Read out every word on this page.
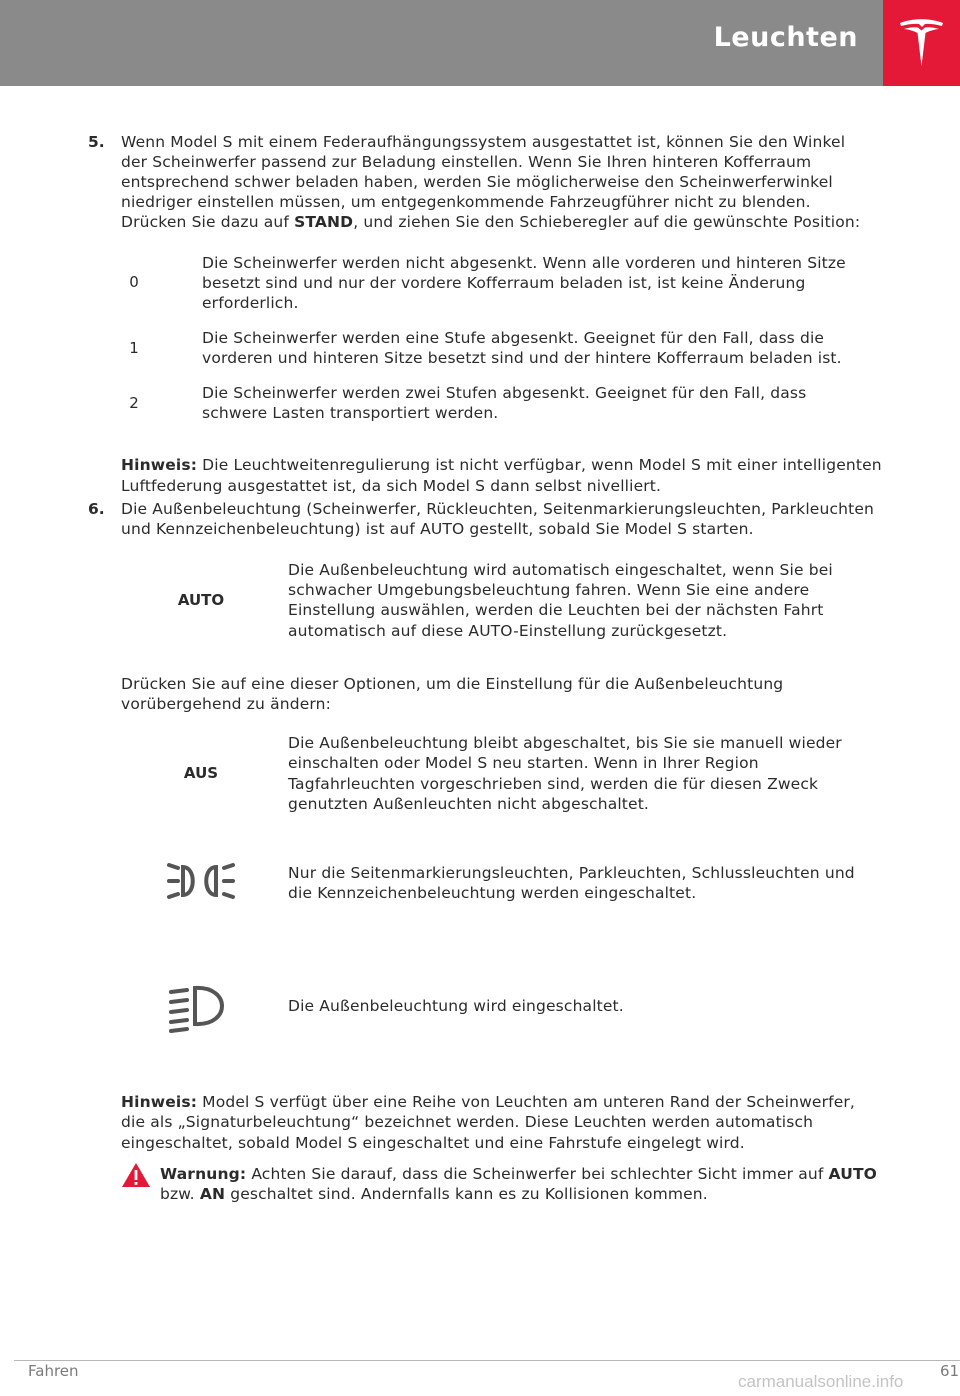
Leuchten
5. Wenn Model S mit einem Federaufhängungssystem ausgestattet ist, können Sie den Winkel
der Scheinwerfer passend zur Beladung einstellen. Wenn Sie Ihren hinteren Kofferraum
entsprechend schwer beladen haben, werden Sie möglicherweise den Scheinwerferwinkel
niedriger einstellen müssen, um entgegenkommende Fahrzeugführer nicht zu blenden.
Drücken Sie dazu auf STAND, und ziehen Sie den Schieberegler auf die gewünschte Position:
0
Die Scheinwerfer werden nicht abgesenkt. Wenn alle vorderen und hinteren Sitze
besetzt sind und nur der vordere Kofferraum beladen ist, ist keine Änderung
erforderlich.
1
Die Scheinwerfer werden eine Stufe abgesenkt. Geeignet für den Fall, dass die
vorderen und hinteren Sitze besetzt sind und der hintere Kofferraum beladen ist.
2
Die Scheinwerfer werden zwei Stufen abgesenkt. Geeignet für den Fall, dass
schwere Lasten transportiert werden.
Hinweis: Die Leuchtweitenregulierung ist nicht verfügbar, wenn Model S mit einer intelligenten
Luftfederung ausgestattet ist, da sich Model S dann selbst nivelliert.
6. Die Außenbeleuchtung (Scheinwerfer, Rückleuchten, Seitenmarkierungsleuchten, Parkleuchten
und Kennzeichenbeleuchtung) ist auf AUTO gestellt, sobald Sie Model S starten.
AUTO
Die Außenbeleuchtung wird automatisch eingeschaltet, wenn Sie bei
schwacher Umgebungsbeleuchtung fahren. Wenn Sie eine andere
Einstellung auswählen, werden die Leuchten bei der nächsten Fahrt
automatisch auf diese AUTO-Einstellung zurückgesetzt.
Drücken Sie auf eine dieser Optionen, um die Einstellung für die Außenbeleuchtung
vorübergehend zu ändern:
AUS
Die Außenbeleuchtung bleibt abgeschaltet, bis Sie sie manuell wieder
einschalten oder Model S neu starten. Wenn in Ihrer Region
Tagfahrleuchten vorgeschrieben sind, werden die für diesen Zweck
genutzten Außenleuchten nicht abgeschaltet.
Nur die Seitenmarkierungsleuchten, Parkleuchten, Schlussleuchten und
die Kennzeichenbeleuchtung werden eingeschaltet.
Die Außenbeleuchtung wird eingeschaltet.
Hinweis: Model S verfügt über eine Reihe von Leuchten am unteren Rand der Scheinwerfer,
die als „Signaturbeleuchtung“ bezeichnet werden. Diese Leuchten werden automatisch
eingeschaltet, sobald Model S eingeschaltet und eine Fahrstufe eingelegt wird.
Warnung: Achten Sie darauf, dass die Scheinwerfer bei schlechter Sicht immer auf AUTO
bzw. AN geschaltet sind. Andernfalls kann es zu Kollisionen kommen.
Fahren	61
carmanualsonline.info
